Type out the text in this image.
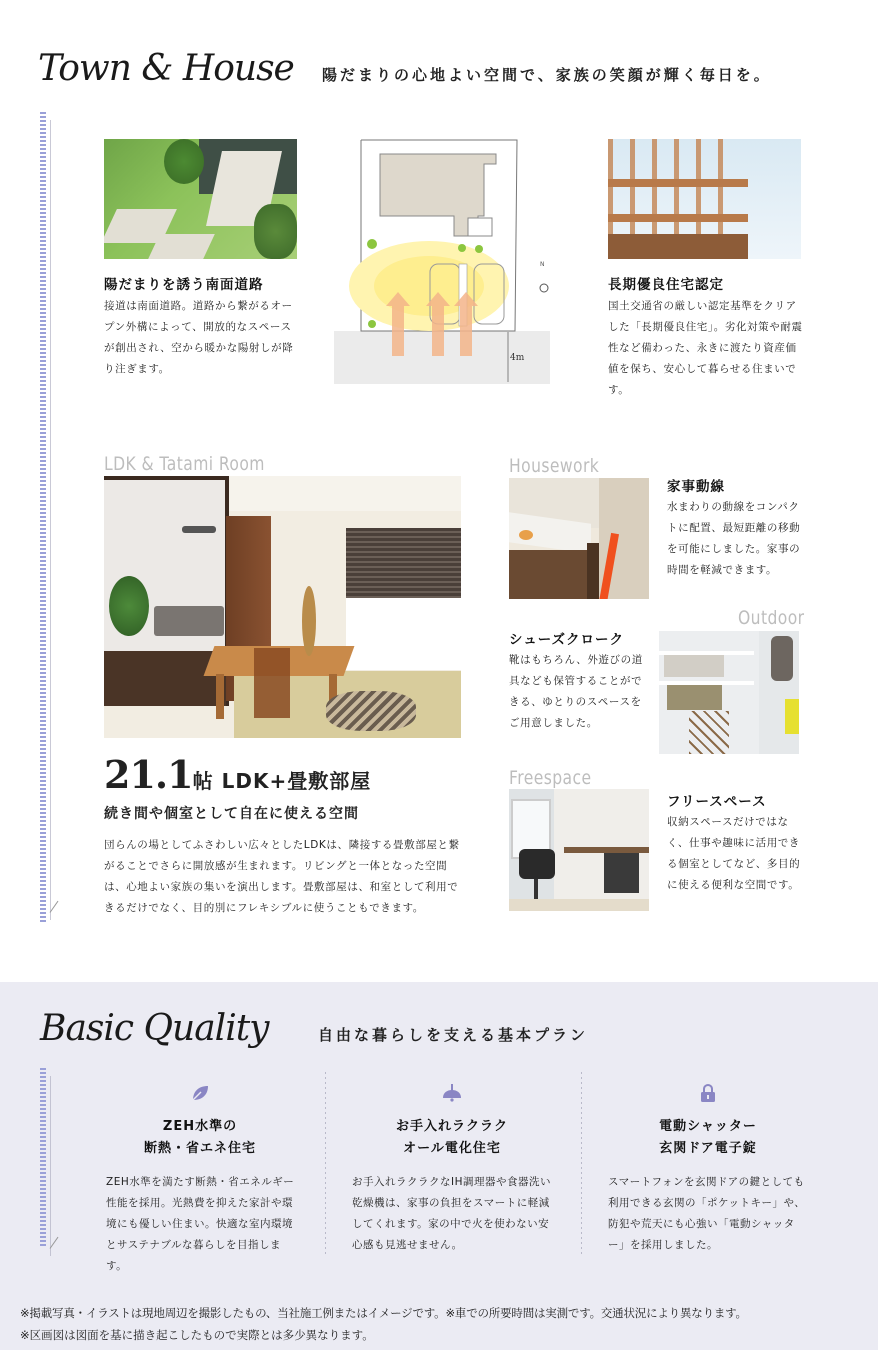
Town & House 陽だまりの心地よい空間で、家族の笑顔が輝く毎日を。
陽だまりを誘う南面道路
接道は南面道路。道路から繋がるオープン外構によって、開放的なスペースが創出され、空から暖かな陽射しが降り注ぎます。
4m
N
長期優良住宅認定
国土交通省の厳しい認定基準をクリアした「長期優良住宅」。劣化対策や耐震性など備わった、永きに渡たり資産価値を保ち、安心して暮らせる住まいです。
LDK & Tatami Room
21.1帖 LDK+畳敷部屋
続き間や個室として自在に使える空間
団らんの場としてふさわしい広々としたLDKは、隣接する畳敷部屋と繋がることでさらに開放感が生まれます。リビングと一体となった空間は、心地よい家族の集いを演出します。畳敷部屋は、和室として利用できるだけでなく、目的別にフレキシブルに使うこともできます。
Housework
家事動線
水まわりの動線をコンパクトに配置、最短距離の移動を可能にしました。家事の時間を軽減できます。
Outdoor
シューズクローク
靴はもちろん、外遊びの道具なども保管することができる、ゆとりのスペースをご用意しました。
Freespace
フリースペース
収納スペースだけではなく、仕事や趣味に活用できる個室としてなど、多目的に使える便利な空間です。
Basic Quality	自由な暮らしを支える基本プラン
ZEH水準の
断熱・省エネ住宅
ZEH水準を満たす断熱・省エネルギー性能を採用。光熱費を抑えた家計や環境にも優しい住まい。快適な室内環境とサステナブルな暮らしを目指します。
お手入れラクラク
オール電化住宅
お手入れラクラクなIH調理器や食器洗い乾燥機は、家事の負担をスマートに軽減してくれます。家の中で火を使わない安心感も見逃せません。
電動シャッター
玄関ドア電子錠
スマートフォンを玄関ドアの鍵としても利用できる玄関の「ポケットキー」や、防犯や荒天にも心強い「電動シャッター」を採用しました。
※掲載写真・イラストは現地周辺を撮影したもの、当社施工例またはイメージです。※車での所要時間は実測です。交通状況により異なります。
※区画図は図面を基に描き起こしたもので実際とは多少異なります。
